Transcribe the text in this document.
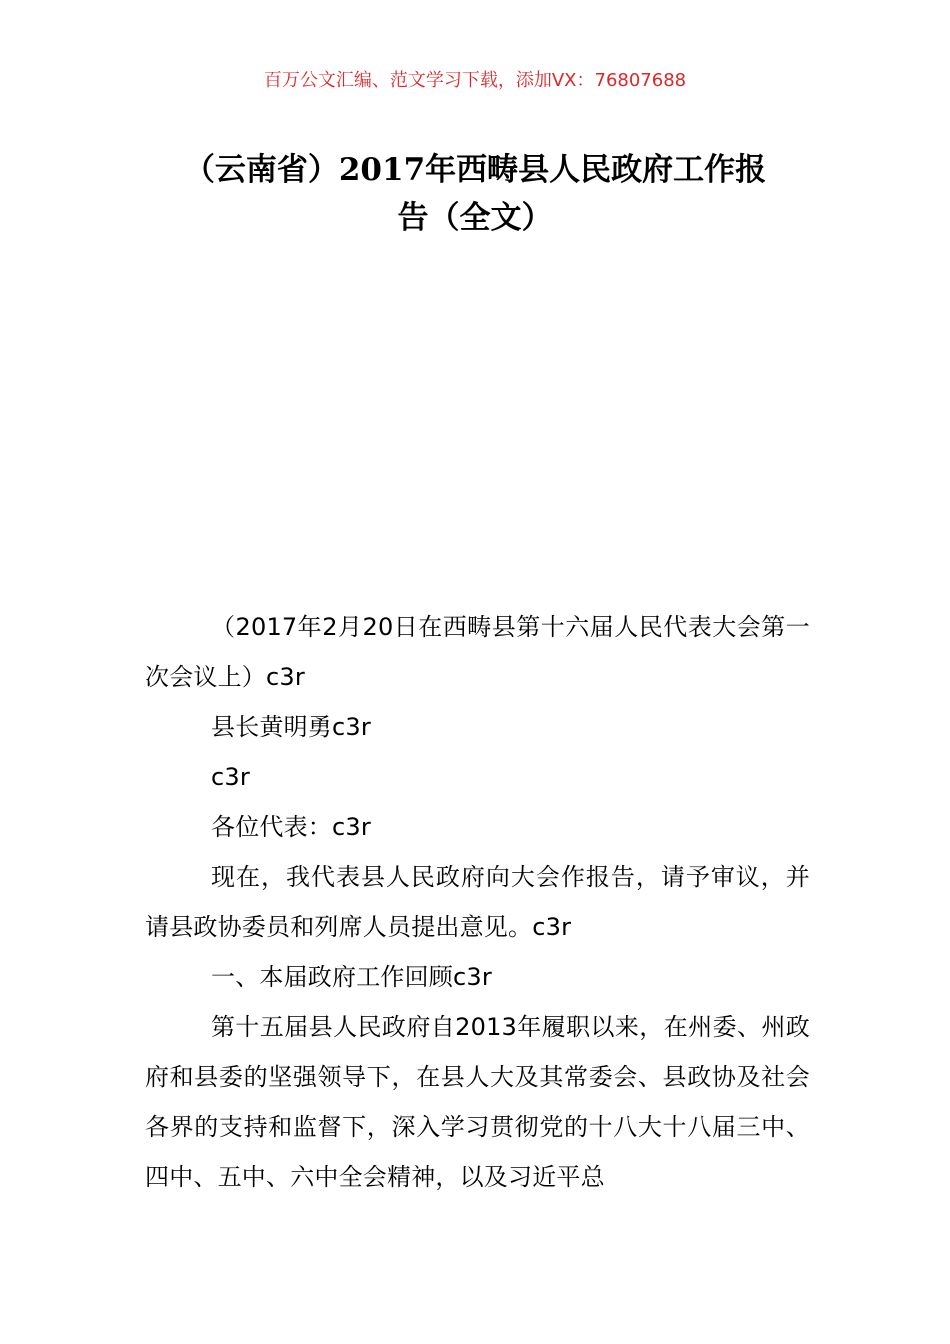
百万公文汇编、范文学习下载，添加VX：76807688
（云南省）2017年西畴县人民政府工作报
告（全文）

（2017年2月20日在西畴县第十六届人民代表大会第一次会议上）c3r

县长黄明勇c3r

c3r

各位代表：c3r

现在，我代表县人民政府向大会作报告，请予审议，并请县政协委员和列席人员提出意见。c3r

一、本届政府工作回顾c3r

第十五届县人民政府自2013年履职以来，在州委、州政府和县委的坚强领导下，在县人大及其常委会、县政协及社会各界的支持和监督下，深入学习贯彻党的十八大十八届三中、四中、五中、六中全会精神，以及习近平总
